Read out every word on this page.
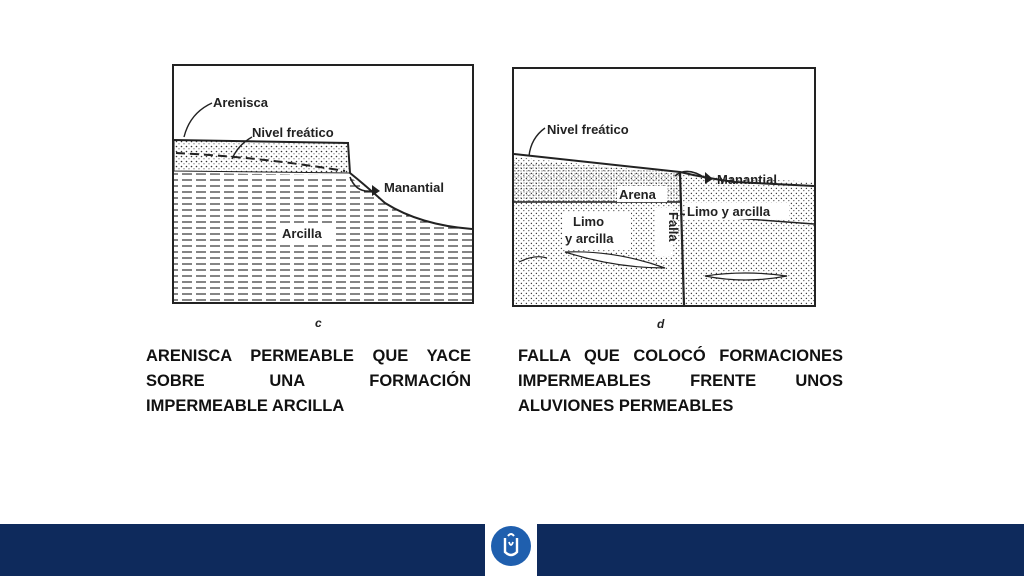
Arenisca
Nivel freático
Manantial
Arcilla
c
Nivel freático
Manantial
Arena
Limo y arcilla
Limo
y arcilla	Falla
d

ARENISCA PERMEABLE QUE YACE SOBRE UNA FORMACIÓN IMPERMEABLE ARCILLA

FALLA QUE COLOCÓ FORMACIONES IMPERMEABLES FRENTE UNOS ALUVIONES PERMEABLES
